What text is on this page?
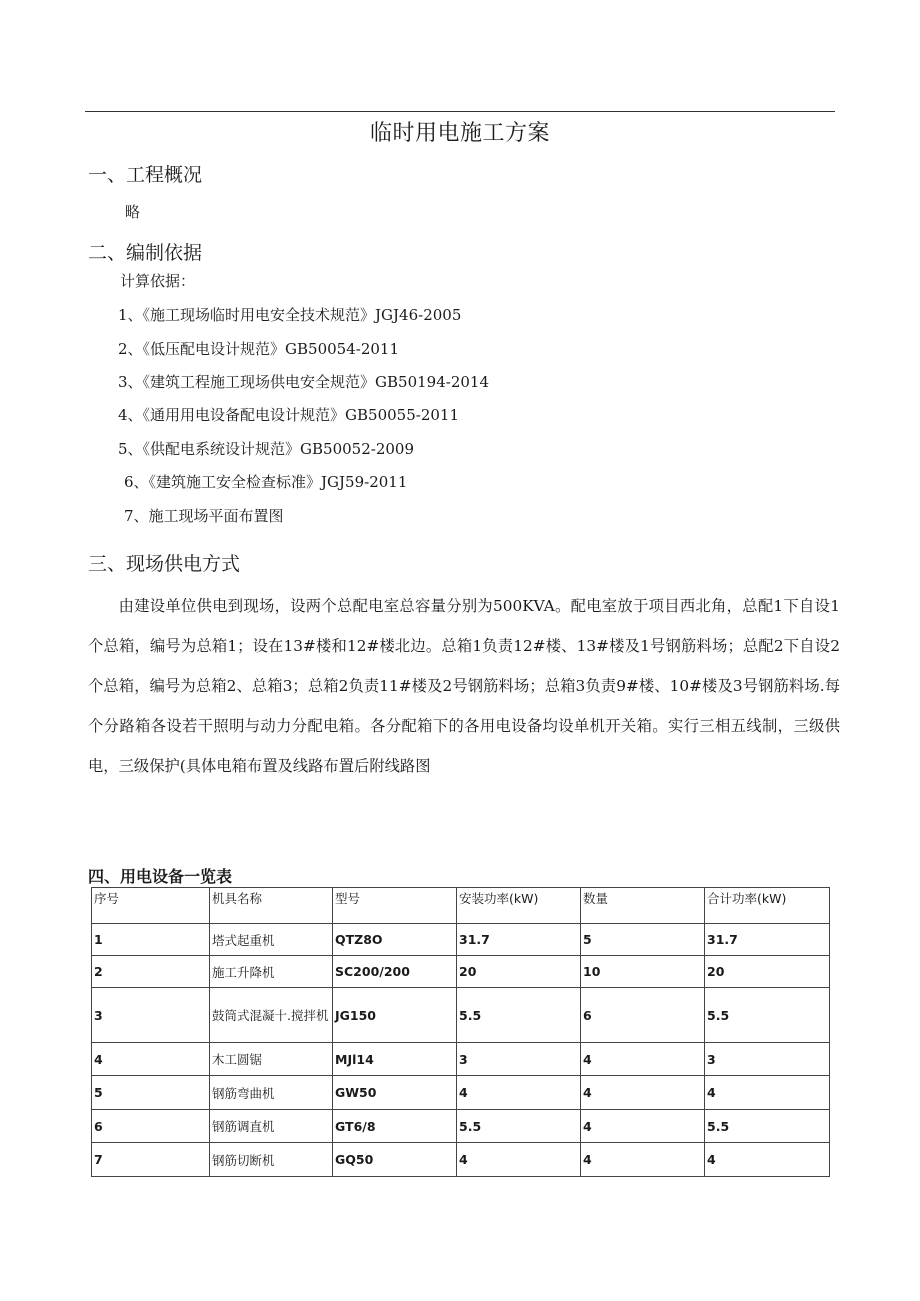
临时用电施工方案
一、工程概况
略
二、编制依据
计算依据：
1、《施工现场临时用电安全技术规范》JGJ46-2005
2、《低压配电设计规范》GB50054-2011
3、《建筑工程施工现场供电安全规范》GB50194-2014
4、《通用用电设备配电设计规范》GB50055-2011
5、《供配电系统设计规范》GB50052-2009
6、《建筑施工安全检查标准》JGJ59-2011
7、施工现场平面布置图
三、现场供电方式
由建设单位供电到现场，设两个总配电室总容量分别为500KVA。配电室放于项目西北角，总配1下自设1个总箱，编号为总箱1；设在13#楼和12#楼北边。总箱1负责12#楼、13#楼及1号钢筋料场；总配2下自设2个总箱，编号为总箱2、总箱3；总箱2负责11#楼及2号钢筋料场；总箱3负责9#楼、10#楼及3号钢筋料场.每个分路箱各设若干照明与动力分配电箱。各分配箱下的各用电设备均设单机开关箱。实行三相五线制，三级供电，三级保护(具体电箱布置及线路布置后附线路图
四、用电设备一览表
序号	机具名称	型号	安装功率(kW)	数量	合计功率(kW)
1	塔式起重机	QTZ8O	31.7	5	31.7
2	施工升降机	SC200/200	20	10	20
3	鼓筒式混凝十.搅拌机	JG150	5.5	6	5.5
4	木工圆锯	MJl14	3	4	3
5	钢筋弯曲机	GW50	4	4	4
6	钢筋调直机	GT6/8	5.5	4	5.5
7	钢筋切断机	GQ50	4	4	4
